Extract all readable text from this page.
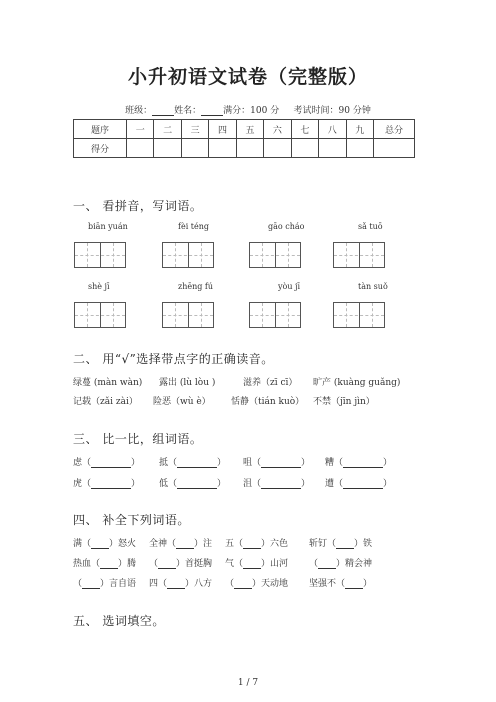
小升初语文试卷（完整版）
班级： 姓名： 满分：100 分 考试时间：90 分钟
题序	一	二	三	四	五	六	七	八	九	总分
得分										
一、 看拼音，写词语。
biān yuán	fèi téng	gāo cháo	sǎ tuō
shè jī	zhēng fú	yòu jī	tàn suǒ
二、 用“√”选择带点字的正确读音。
绿蔓 (màn wàn) 露出 (lù lòu )	滋养（zī cī） 旷产 (kuàng guǎng)
记载（zǎi zài） 险恶（wù è） 恬静（tián kuò） 不禁（jīn jìn）
三、 比一比，组词语。
虑（	） 抵（	） 咀（	） 糟（	）
虎（	） 低（	） 沮（	） 遭（	）
四、 补全下列词语。
满（ ）怒火 全神（ ）注 五（ ）六色 斩钉（ ）铁
热血（ ）腾 （ ）首挺胸 气（ ）山河 （ ）精会神
（ ）言自语 四（ ）八方 （ ）天动地 坚强不（ ）
五、 选词填空。
1 / 7
